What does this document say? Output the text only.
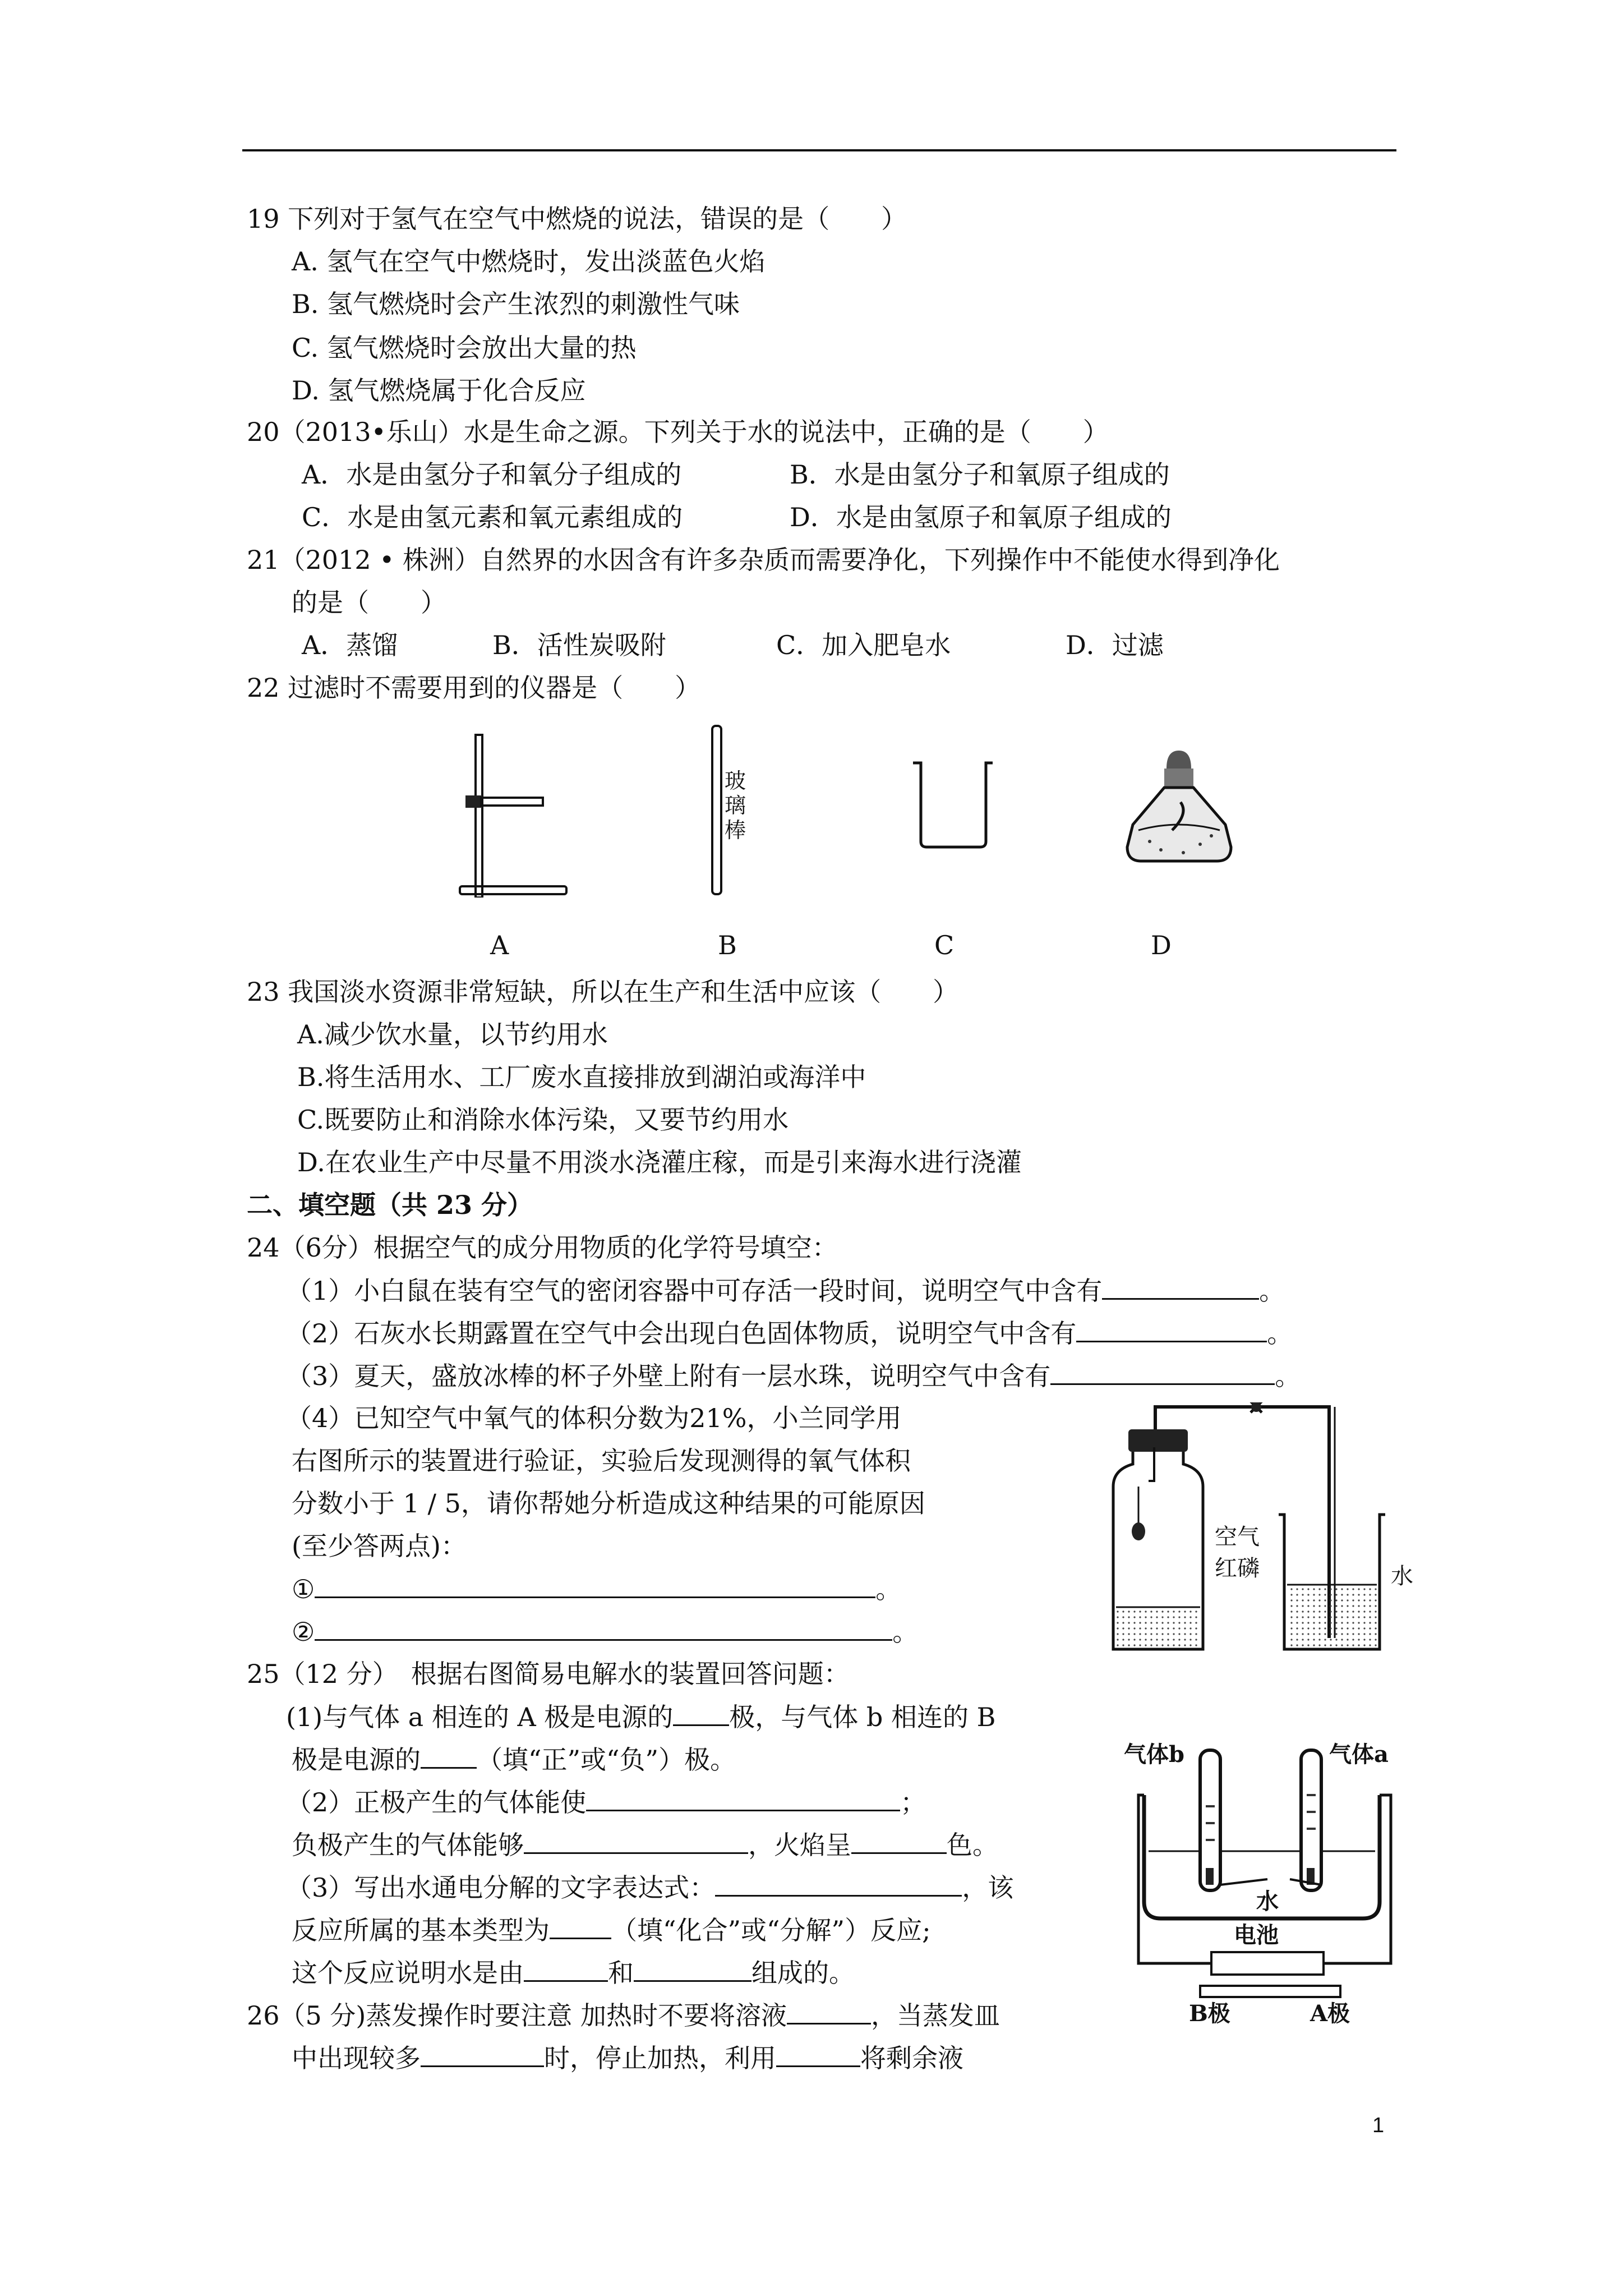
19 下列对于氢气在空气中燃烧的说法，错误的是（　　）
A. 氢气在空气中燃烧时，发出淡蓝色火焰
B. 氢气燃烧时会产生浓烈的刺激性气味
C. 氢气燃烧时会放出大量的热
D. 氢气燃烧属于化合反应
20（2013•乐山）水是生命之源。下列关于水的说法中，正确的是（　　）
A．水是由氢分子和氧分子组成的	B．水是由氢分子和氧原子组成的
C．水是由氢元素和氧元素组成的	D．水是由氢原子和氧原子组成的
21（2012 • 株洲）自然界的水因含有许多杂质而需要净化，下列操作中不能使水得到净化
的是（　　）
A．蒸馏	B．活性炭吸附	C．加入肥皂水	D．过滤
22 过滤时不需要用到的仪器是（　　）
玻璃棒
A	B	C	D
23 我国淡水资源非常短缺，所以在生产和生活中应该（　　）
A.减少饮水量，以节约用水
B.将生活用水、工厂废水直接排放到湖泊或海洋中
C.既要防止和消除水体污染，又要节约用水
D.在农业生产中尽量不用淡水浇灌庄稼，而是引来海水进行浇灌
二、填空题（共 23 分）
24（6分）根据空气的成分用物质的化学符号填空：
（1）小白鼠在装有空气的密闭容器中可存活一段时间，说明空气中含有	。
（2）石灰水长期露置在空气中会出现白色固体物质，说明空气中含有	。
（3）夏天，盛放冰棒的杯子外壁上附有一层水珠，说明空气中含有	。
（4）已知空气中氧气的体积分数为21%，小兰同学用
右图所示的装置进行验证，实验后发现测得的氧气体积
分数小于 1 / 5，请你帮她分析造成这种结果的可能原因
(至少答两点)：
①	。
②	。
空气
红磷	水
25（12 分）　根据右图简易电解水的装置回答问题：
(1)与气体 a 相连的 A 极是电源的 极，与气体 b 相连的 B
极是电源的 （填“正”或“负”）极。
（2）正极产生的气体能使	；
负极产生的气体能够	，火焰呈	色。
（3）写出水通电分解的文字表达式：	，该
反应所属的基本类型为 （填“化合”或“分解”）反应;
这个反应说明水是由	和	组成的。
气体b	气体a
水
电池
B极	A极
26（5 分)蒸发操作时要注意 加热时不要将溶液	，当蒸发皿
中出现较多	时，停止加热，利用	将剩余液
1
